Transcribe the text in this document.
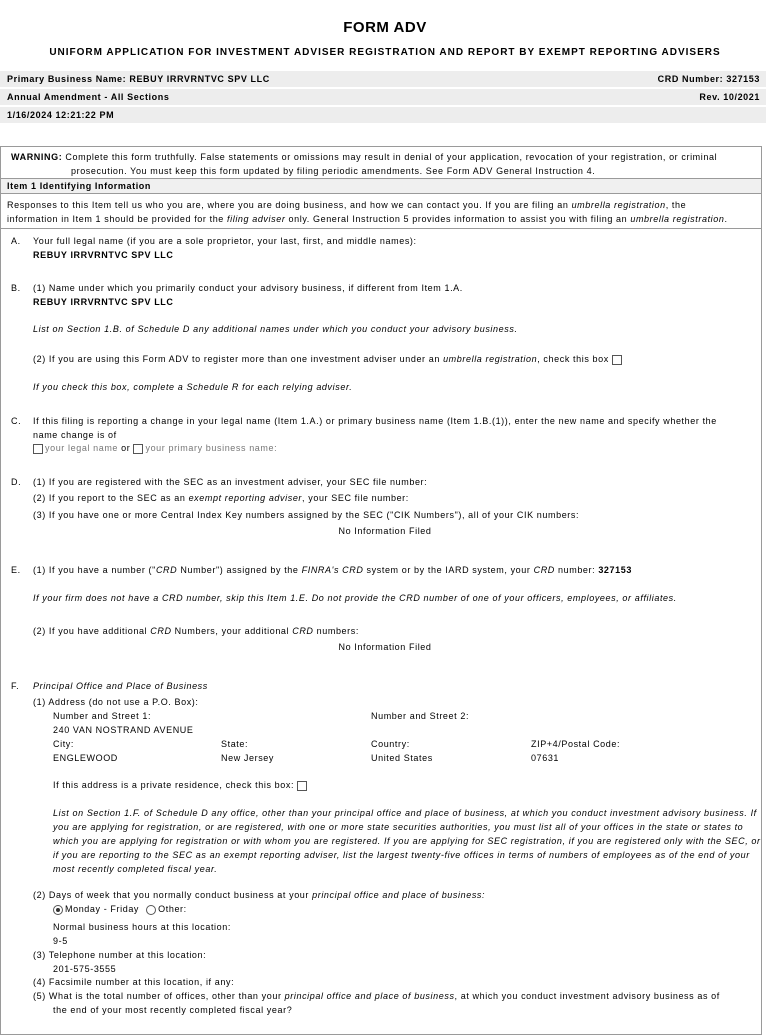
FORM ADV
UNIFORM APPLICATION FOR INVESTMENT ADVISER REGISTRATION AND REPORT BY EXEMPT REPORTING ADVISERS
Primary Business Name: REBUY IRRVRNTVC SPV LLC	CRD Number: 327153
Annual Amendment - All Sections	Rev. 10/2021
1/16/2024 12:21:22 PM
WARNING: Complete this form truthfully. False statements or omissions may result in denial of your application, revocation of your registration, or criminal
prosecution. You must keep this form updated by filing periodic amendments. See Form ADV General Instruction 4.
Item 1 Identifying Information
Responses to this Item tell us who you are, where you are doing business, and how we can contact you. If you are filing an umbrella registration, the
information in Item 1 should be provided for the filing adviser only. General Instruction 5 provides information to assist you with filing an umbrella registration.
A. Your full legal name (if you are a sole proprietor, your last, first, and middle names):
REBUY IRRVRNTVC SPV LLC
B. (1) Name under which you primarily conduct your advisory business, if different from Item 1.A.
REBUY IRRVRNTVC SPV LLC
List on Section 1.B. of Schedule D any additional names under which you conduct your advisory business.
(2) If you are using this Form ADV to register more than one investment adviser under an umbrella registration, check this box
If you check this box, complete a Schedule R for each relying adviser.
C. If this filing is reporting a change in your legal name (Item 1.A.) or primary business name (Item 1.B.(1)), enter the new name and specify whether the
name change is of
your legal name or your primary business name:
D. (1) If you are registered with the SEC as an investment adviser, your SEC file number:
(2) If you report to the SEC as an exempt reporting adviser, your SEC file number:
(3) If you have one or more Central Index Key numbers assigned by the SEC ("CIK Numbers"), all of your CIK numbers:
No Information Filed
E. (1) If you have a number ("CRD Number") assigned by the FINRA's CRD system or by the IARD system, your CRD number: 327153
If your firm does not have a CRD number, skip this Item 1.E. Do not provide the CRD number of one of your officers, employees, or affiliates.
(2) If you have additional CRD Numbers, your additional CRD numbers:
No Information Filed
F. Principal Office and Place of Business
(1) Address (do not use a P.O. Box):
Number and Street 1:	Number and Street 2:
240 VAN NOSTRAND AVENUE
City:	State:	Country:	ZIP+4/Postal Code:
ENGLEWOOD	New Jersey	United States	07631
If this address is a private residence, check this box:
List on Section 1.F. of Schedule D any office, other than your principal office and place of business, at which you conduct investment advisory business. If
you are applying for registration, or are registered, with one or more state securities authorities, you must list all of your offices in the state or states to
which you are applying for registration or with whom you are registered. If you are applying for SEC registration, if you are registered only with the SEC, or
if you are reporting to the SEC as an exempt reporting adviser, list the largest twenty-five offices in terms of numbers of employees as of the end of your
most recently completed fiscal year.
(2) Days of week that you normally conduct business at your principal office and place of business:
Monday - Friday Other:
Normal business hours at this location:
9-5
(3) Telephone number at this location:
201-575-3555
(4) Facsimile number at this location, if any:
(5) What is the total number of offices, other than your principal office and place of business, at which you conduct investment advisory business as of
the end of your most recently completed fiscal year?
